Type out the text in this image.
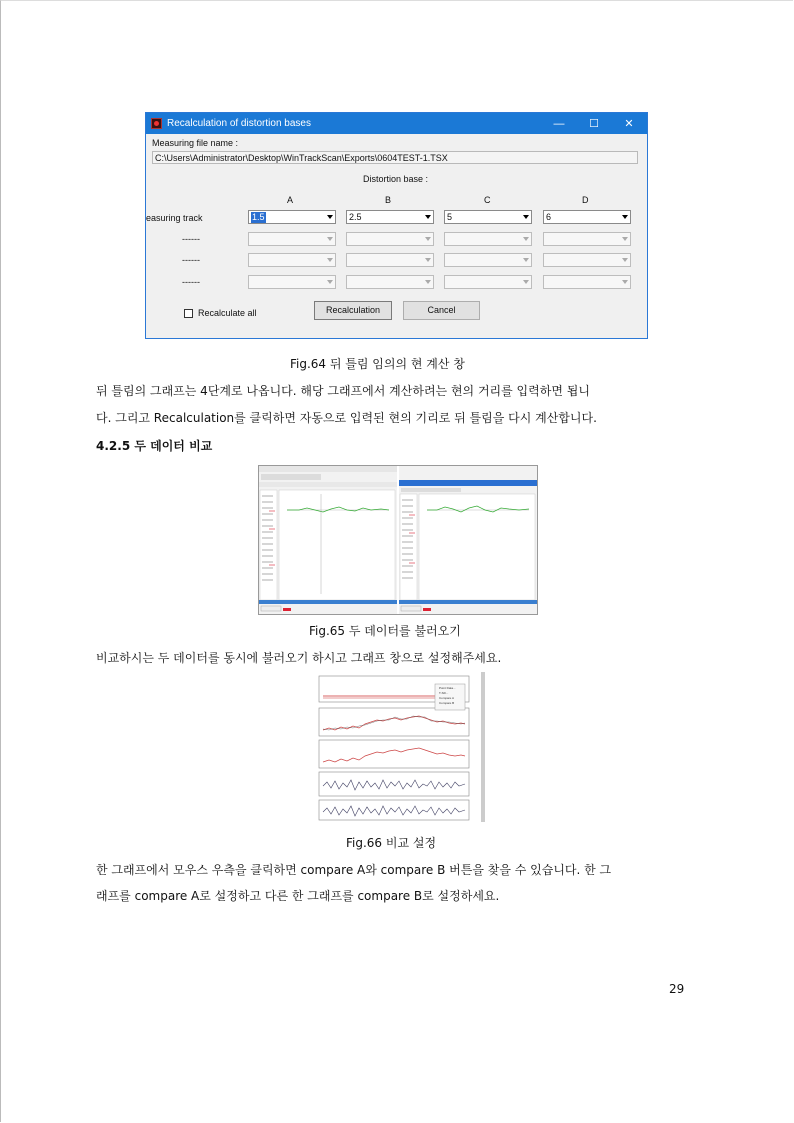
Recalculation of distortion bases	—	☐	✕
Measuring file name :
C:\Users\Administrator\Desktop\WinTrackScan\Exports\0604TEST-1.TSX
Distortion base :
A	B	C	D
easuring track	1.5	2.5	5	6
------
------
------
Recalculate all	Recalculation	Cancel
Fig.64 뒤 틀림 임의의 현 계산 창
뒤 틀림의 그래프는 4단계로 나옵니다. 해당 그래프에서 계산하려는 현의 거리를 입력하면 됩니
다. 그리고 Recalculation를 클릭하면 자동으로 입력된 현의 기리로 뒤 틀림을 다시 계산합니다.
4.2.5 두 데이터 비교
Fig.65 두 데이터를 불러오기
비교하시는 두 데이터를 동시에 불러오기 하시고 그래프 창으로 설정해주세요.
Point Data...
T-SD...
Compare A
Compare B
Fig.66 비교 설정
한 그래프에서 모우스 우측을 클릭하면 compare A와 compare B 버튼을 찾을 수 있습니다. 한 그
래프를 compare A로 설정하고 다른 한 그래프를 compare B로 설정하세요.
29
